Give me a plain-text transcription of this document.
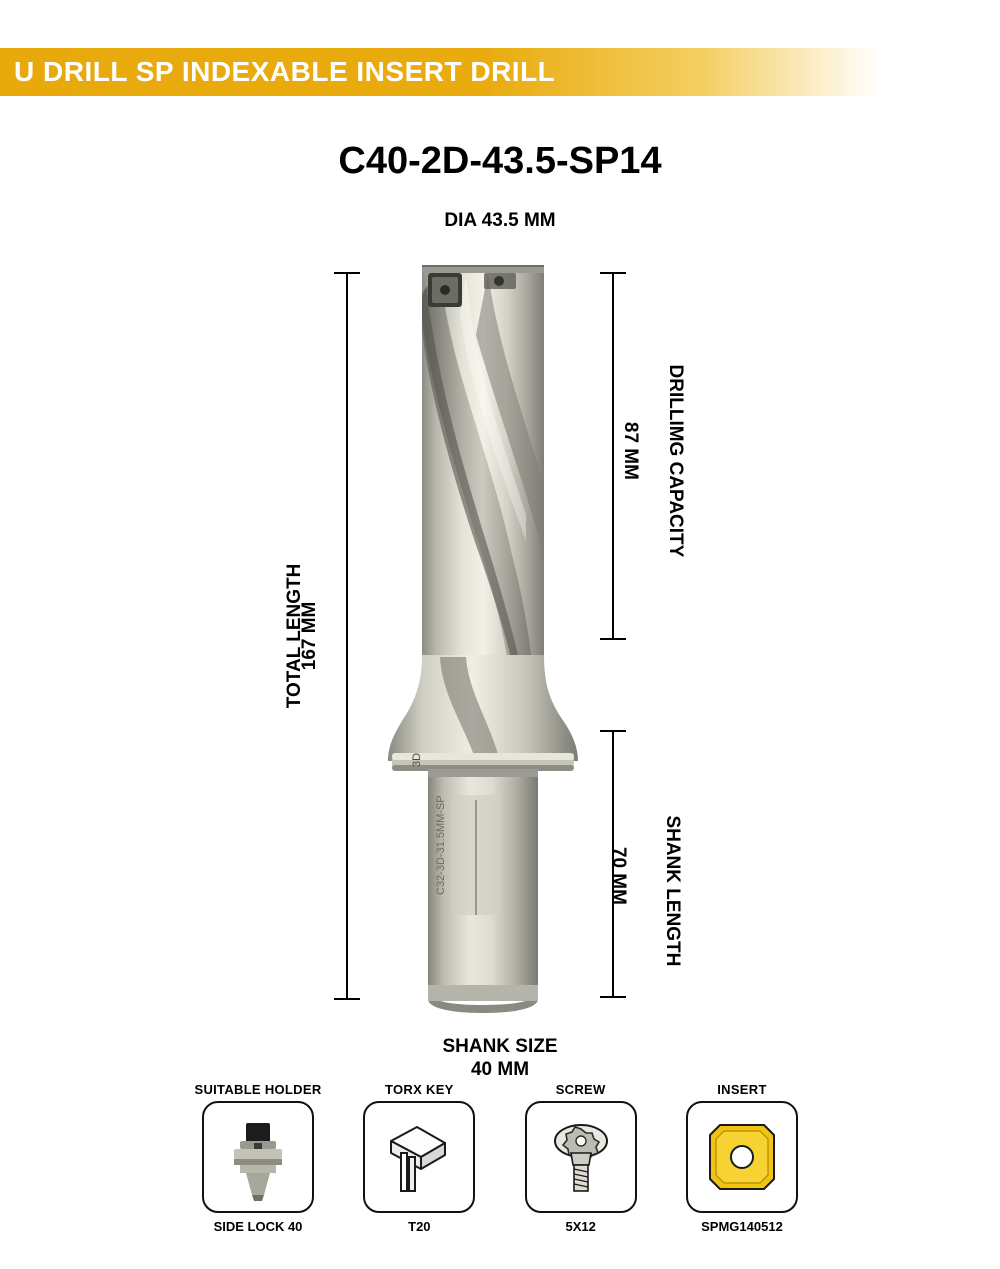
U DRILL SP INDEXABLE INSERT DRILL
C40-2D-43.5-SP14
DIA 43.5 MM
3D
C32-3D-31.5MM-SP
TOTAL LENGTH
167 MM
DRILLIMG CAPACITY
87 MM
SHANK LENGTH
70 MM
SHANK SIZE
40 MM
SUITABLE HOLDER
SIDE LOCK 40
TORX KEY
T20
SCREW
5X12
INSERT
SPMG140512
